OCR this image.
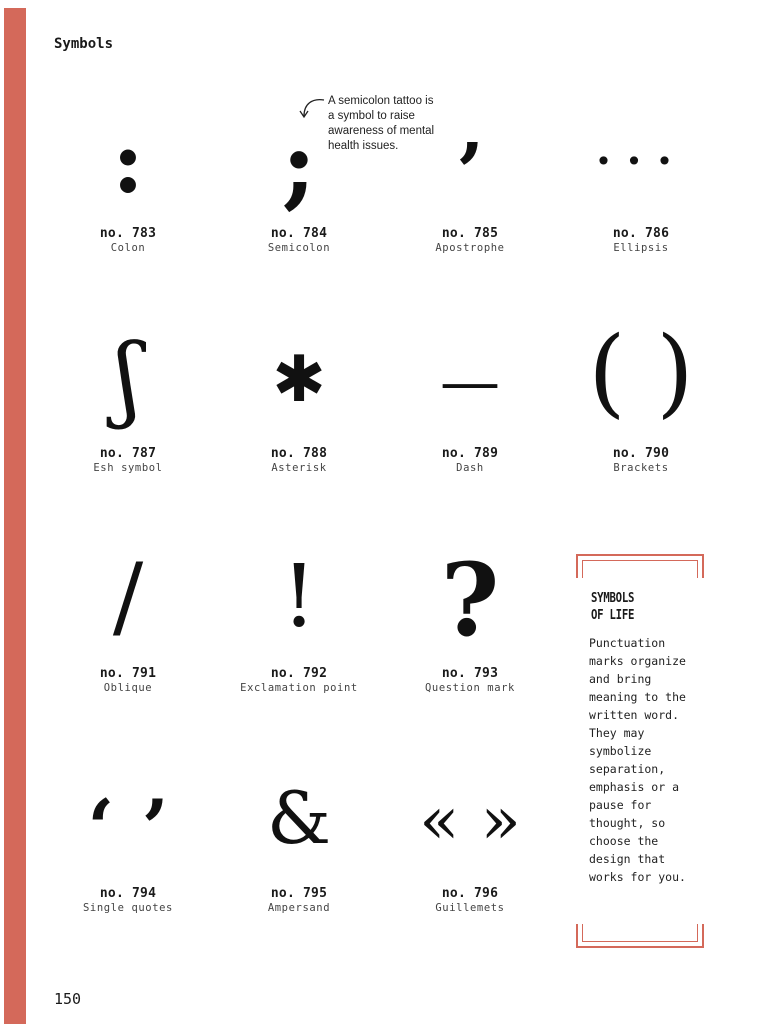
Symbols
:
no. 783
Colon
;
no. 784
Semicolon
A semicolon tattoo is a symbol to raise awareness of mental health issues. ’
no. 785
Apostrophe
•••
no. 786
Ellipsis
ʃ
no. 787
Esh symbol
✱
no. 788
Asterisk
—
no. 789
Dash
( )
no. 790
Brackets
/
no. 791
Oblique
!
no. 792
Exclamation point
?
no. 793
Question mark
‘ ’
no. 794
Single quotes
&
no. 795
Ampersand
« »
no. 796
Guillemets
SYMBOLS
OF LIFE
Punctuation marks organize and bring meaning to the written word. They may symbolize separation, emphasis or a pause for thought, so choose the design that works for you.
150
